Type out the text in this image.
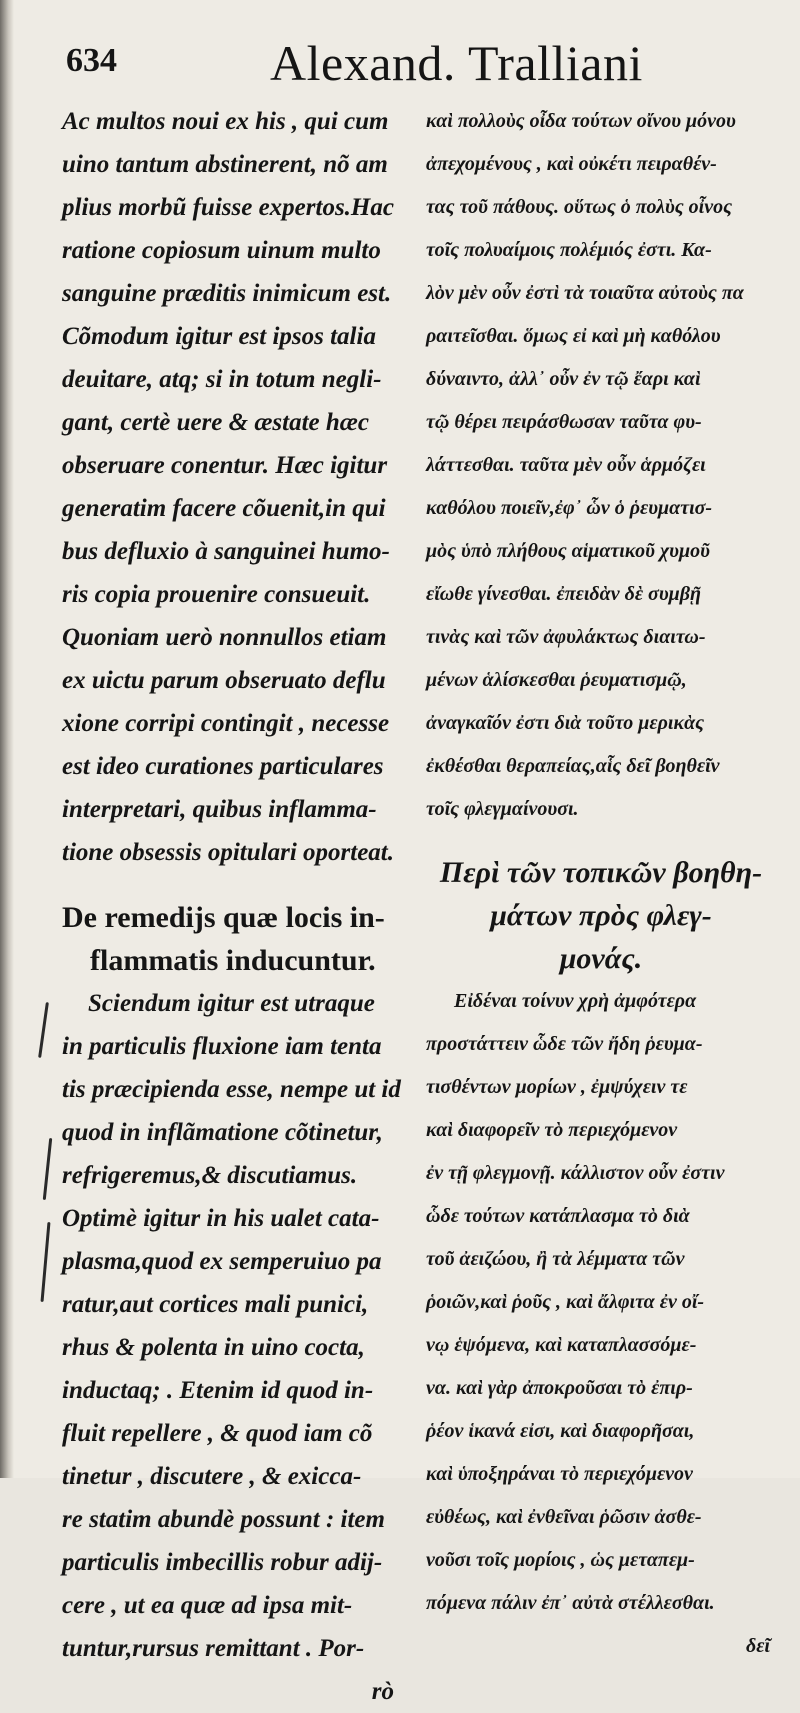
634	Alexand. Tralliani
Ac multos noui ex his , qui cum
uino tantum abstinerent, nõ am
plius morbũ fuisse expertos.Hac
ratione copiosum uinum multo
sanguine præditis inimicum est.
Cõmodum igitur est ipsos talia
deuitare, atq; si in totum negli-
gant, certè uere & æstate hæc
obseruare conentur. Hæc igitur
generatim facere cõuenit,in qui
bus defluxio à sanguinei humo-
ris copia prouenire consueuit.
Quoniam uerò nonnullos etiam
ex uictu parum obseruato deflu
xione corripi contingit , necesse
est ideo curationes particulares
interpretari, quibus inflamma-
tione obsessis opitulari oporteat.
De remedijs quæ locis in-
flammatis inducuntur.
Sciendum igitur est utraque
in particulis fluxione iam tenta
tis præcipienda esse, nempe ut id
quod in inflãmatione cõtinetur,
refrigeremus,& discutiamus.
Optimè igitur in his ualet cata-
plasma,quod ex semperuiuo pa
ratur,aut cortices mali punici,
rhus & polenta in uino cocta,
inductaq; . Etenim id quod in-
fluit repellere , & quod iam cõ
tinetur , discutere , & exicca-
re statim abundè possunt : item
particulis imbecillis robur adij-
cere , ut ea quæ ad ipsa mit-
tuntur,rursus remittant . Por-
rò
καὶ πολλοὺς οἶδα τούτων οἴνου μόνου
ἀπεχομένους , καὶ οὐκέτι πειραθέν-
τας τοῦ πάθους. οὕτως ὁ πολὺς οἶνος
τοῖς πολυαίμοις πολέμιός ἐστι. Κα-
λὸν μὲν οὖν ἐστὶ τὰ τοιαῦτα αὐτοὺς πα
ραιτεῖσθαι. ὅμως εἰ καὶ μὴ καθόλου
δύναιντο, ἀλλ᾽ οὖν ἐν τῷ ἔαρι καὶ
τῷ θέρει πειράσθωσαν ταῦτα φυ-
λάττεσθαι. ταῦτα μὲν οὖν ἁρμόζει
καθόλου ποιεῖν,ἐφ᾽ ὧν ὁ ῥευματισ-
μὸς ὑπὸ πλήθους αἱματικοῦ χυμοῦ
εἴωθε γίνεσθαι. ἐπειδὰν δὲ συμβῇ
τινὰς καὶ τῶν ἀφυλάκτως διαιτω-
μένων ἁλίσκεσθαι ῥευματισμῷ,
ἀναγκαῖόν ἐστι διὰ τοῦτο μερικὰς
ἐκθέσθαι θεραπείας,αἷς δεῖ βοηθεῖν
τοῖς φλεγμαίνουσι.
Περὶ τῶν τοπικῶν βοηθη-
μάτων πρὸς φλεγ-
μονάς.
Εἰδέναι τοίνυν χρὴ ἀμφότερα
προστάττειν ὧδε τῶν ἤδη ῥευμα-
τισθέντων μορίων , ἐμψύχειν τε
καὶ διαφορεῖν τὸ περιεχόμενον
ἐν τῇ φλεγμονῇ. κάλλιστον οὖν ἐστιν
ὧδε τούτων κατάπλασμα τὸ διὰ
τοῦ ἀειζώου, ἢ τὰ λέμματα τῶν
ῥοιῶν,καὶ ῥοῦς , καὶ ἄλφιτα ἐν οἴ-
νῳ ἑψόμενα, καὶ καταπλασσόμε-
να. καὶ γὰρ ἀποκροῦσαι τὸ ἐπιρ-
ῥέον ἱκανά εἰσι, καὶ διαφορῆσαι,
καὶ ὑποξηράναι τὸ περιεχόμενον
εὐθέως, καὶ ἐνθεῖναι ῥῶσιν ἀσθε-
νοῦσι τοῖς μορίοις , ὡς μεταπεμ-
πόμενα πάλιν ἐπ᾽ αὐτὰ στέλλεσθαι.
δεῖ
